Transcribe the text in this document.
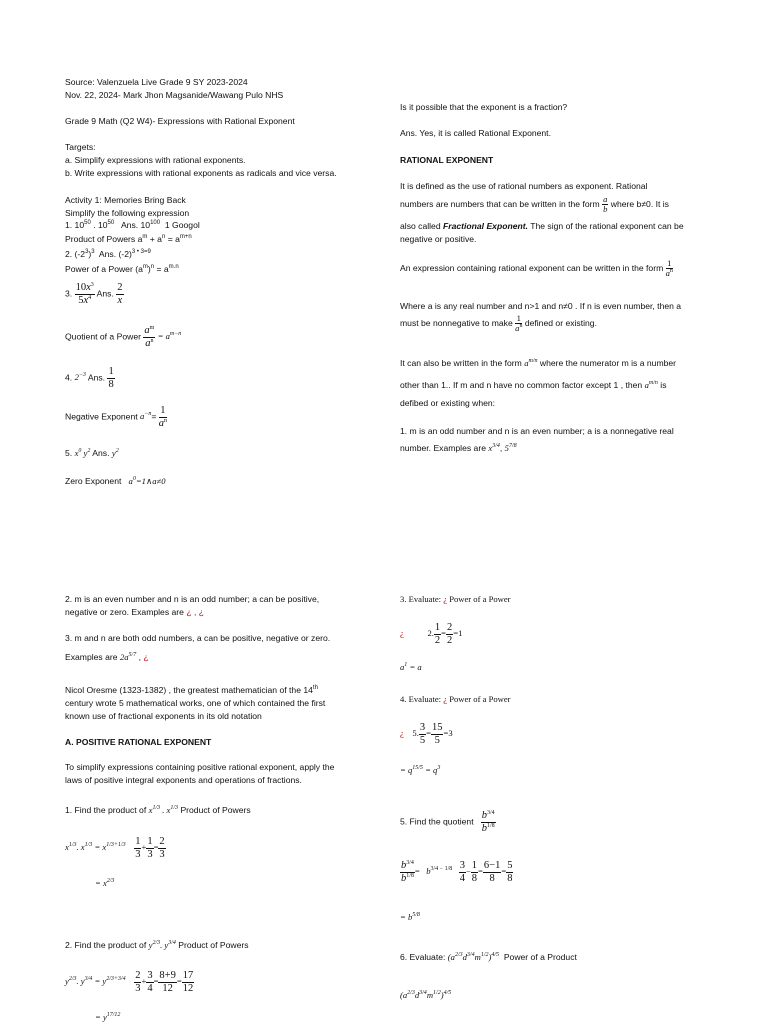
Source: Valenzuela Live Grade 9 SY 2023-2024
Nov. 22, 2024- Mark Jhon Magsanide/Wawang Pulo NHS
Grade 9 Math (Q2 W4)- Expressions with Rational Exponent
Targets:
a. Simplify expressions with rational exponents.
b. Write expressions with rational exponents as radicals and vice versa.
Activity 1: Memories Bring Back
Simplify the following expression
1. $10^{50}$ . $10^{50}$ Ans. $10^{100}$ 1 Googol
Product of Powers $a^m + a^n = a^{m+n}$
2. $(-2^3)^3$  Ans. $(-2)^{3 • 3=9}$
Power of a Power $(a^m)^n = a^{m.n}$
3. $\frac{10x^3}{5x^4}$ Ans. $\frac{2}{x}$
Quotient of a Power $\frac{a^m}{a^n} = a^{m-n}$
4. $2^{-3}$ Ans. $\frac{1}{8}$
Negative Exponent $a^{-n}= \frac{1}{a^n}$
5. $x^0$ $y^2$ Ans. $y^2$
Zero Exponent $a^0=1\wedge a\ne 0$
Is it possible that the exponent is a fraction?
Ans. Yes, it is called Rational Exponent.
RATIONAL EXPONENT
It is defined as the use of rational numbers as exponent. Rational
numbers are numbers that can be written in the form $\frac{a}{b}$ where b≠0. It is
also called Fractional Exponent. The sign of the rational exponent can be
negative or positive.
An expression containing rational exponent can be written in the form $\frac{1}{a^n}$
Where a is any real number and n>1 and n≠0 . If n is even number, then a
must be nonnegative to make $\frac{1}{a^n}$ defined or existing.
It can also be written in the form $a^{m/n}$ where the numerator m is a number
other than 1.. If m and n have no common factor except 1 , then $a^{m/n}$ is
defibed or existing when:
1. m is an odd number and n is an even number; a is a nonnegative real
number. Examples are $x^{3/4}$, $5^{7/8}$
2. m is an even number and n is an odd number; a can be positive,
negative or zero. Examples are ¿ , ¿
3. m and n are both odd numbers, a can be positive, negative or zero.
Examples are $2a^{5/7}$ , ¿
Nicol Oresme (1323-1382) , the greatest mathematician of the 14th
century wrote 5 mathematical works, one of which contained the first
known use of fractional exponents in its old notation
A. POSITIVE RATIONAL EXPONENT
To simplify expressions containing positive rational exponent, apply the
laws of positive integral exponents and operations of fractions.
1. Find the product of $x^{1/3}$ . $x^{1/3}$ Product of Powers
$x^{1/3}$. $x^{1/3} = x^{1/3+1/3} \frac{1}{3} + \frac{1}{3} = \frac{2}{3}$
= $x^{2/3}$
2. Find the product of $y^{2/3}$. $y^{3/4}$ Product of Powers
$y^{2/3}$. $y^{3/4} = y^{2/3+3/4} \frac{2}{3} + \frac{3}{4} = \frac{8+9}{12} = \frac{17}{12}$
= $y^{17/12}$
3. Evaluate: ¿ Power of a Power
¿           2. $\frac{1}{2} = \frac{2}{2} =1$
$a^1 = a$
4. Evaluate: ¿ Power of a Power
¿    5. $\frac{3}{5} = \frac{15}{5} =3$
= $q^{15/5} = q^3$
5. Find the quotient $\frac{b^{3/4}}{b^{1/8}}$
$\frac{b^{3/4}}{b^{1/8}} = b^{3/4 - 1/8} \frac{3}{4} - \frac{1}{8} = \frac{6-1}{8} = \frac{5}{8}$
= $b^{5/8}$
6. Evaluate: $(a^{2/3}d^{3/4}m^{1/2})^{4/5}$ Power of a Product
$(a^{2/3}d^{3/4}m^{1/2})^{4/5}$
